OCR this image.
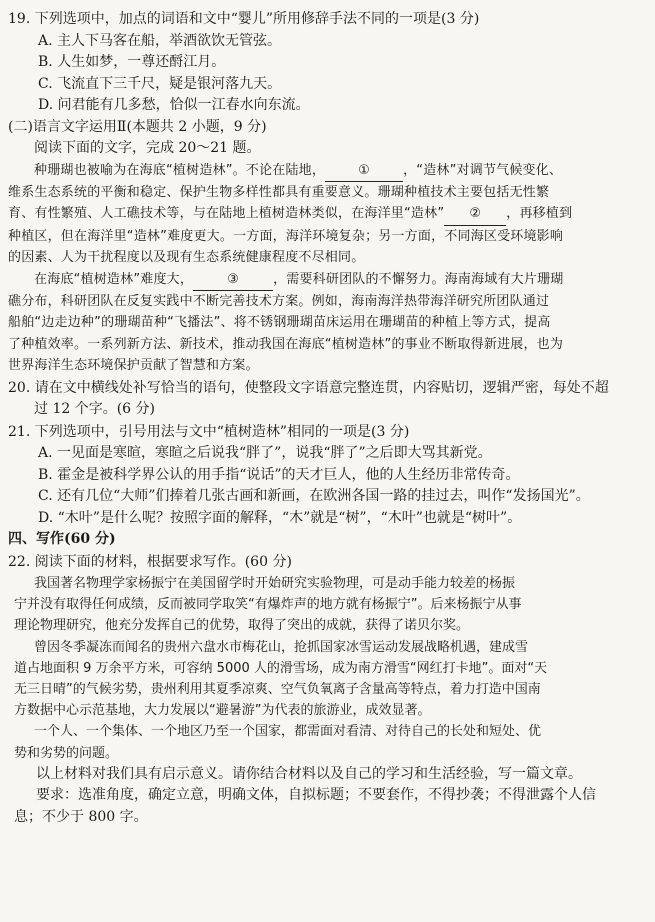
19. 下列选项中，加点的词语和文中“婴儿”所用修辞手法不同的一项是(3 分)
A. 主人下马客在船，举酒欲饮无管弦。
B. 人生如梦，一尊还酹江月。
C. 飞流直下三千尺，疑是银河落九天。
D. 问君能有几多愁，恰似一江春水向东流。
(二)语言文字运用Ⅱ(本题共 2 小题，9 分)
阅读下面的文字，完成 20～21 题。
种珊瑚也被喻为在海底“植树造林”。不论在陆地，	①	，“造林”对调节气候变化、
维系生态系统的平衡和稳定、保护生物多样性都具有重要意义。珊瑚种植技术主要包括无性繁
育、有性繁殖、人工礁技术等，与在陆地上植树造林类似，在海洋里“造林” ② ，再移植到
种植区，但在海洋里“造林”难度更大。一方面，海洋环境复杂；另一方面，不同海区受环境影响
的因素、人为干扰程度以及现有生态系统健康程度不尽相同。
在海底“植树造林”难度大，	③	，需要科研团队的不懈努力。海南海域有大片珊瑚
礁分布，科研团队在反复实践中不断完善技术方案。例如，海南海洋热带海洋研究所团队通过
船舶“边走边种”的珊瑚苗种“飞播法”、将不锈钢珊瑚苗床运用在珊瑚苗的种植上等方式，提高
了种植效率。一系列新方法、新技术，推动我国在海底“植树造林”的事业不断取得新进展，也为
世界海洋生态环境保护贡献了智慧和方案。
20. 请在文中横线处补写恰当的语句，使整段文字语意完整连贯，内容贴切，逻辑严密，每处不超
过 12 个字。(6 分)
21. 下列选项中，引号用法与文中“植树造林”相同的一项是(3 分)
A. 一见面是寒暄，寒暄之后说我“胖了”，说我“胖了”之后即大骂其新党。
B. 霍金是被科学界公认的用手指“说话”的天才巨人，他的人生经历非常传奇。
C. 还有几位“大师”们捧着几张古画和新画，在欧洲各国一路的挂过去，叫作“发扬国光”。
D. “木叶”是什么呢？按照字面的解释，“木”就是“树”，“木叶”也就是“树叶”。
四、写作(60 分)
22. 阅读下面的材料，根据要求写作。(60 分)
我国著名物理学家杨振宁在美国留学时开始研究实验物理，可是动手能力较差的杨振
宁并没有取得任何成绩，反而被同学取笑“有爆炸声的地方就有杨振宁”。后来杨振宁从事
理论物理研究，他充分发挥自己的优势，取得了突出的成就，获得了诺贝尔奖。
曾因冬季凝冻而闻名的贵州六盘水市梅花山，抢抓国家冰雪运动发展战略机遇，建成雪
道占地面积 9 万余平方米，可容纳 5000 人的滑雪场，成为南方滑雪“网红打卡地”。面对“天
无三日晴”的气候劣势，贵州利用其夏季凉爽、空气负氧离子含量高等特点，着力打造中国南
方数据中心示范基地，大力发展以“避暑游”为代表的旅游业，成效显著。
一个人、一个集体、一个地区乃至一个国家，都需面对看清、对待自己的长处和短处、优
势和劣势的问题。
以上材料对我们具有启示意义。请你结合材料以及自己的学习和生活经验，写一篇文章。
要求：选准角度，确定立意，明确文体，自拟标题；不要套作，不得抄袭；不得泄露个人信
息；不少于 800 字。
